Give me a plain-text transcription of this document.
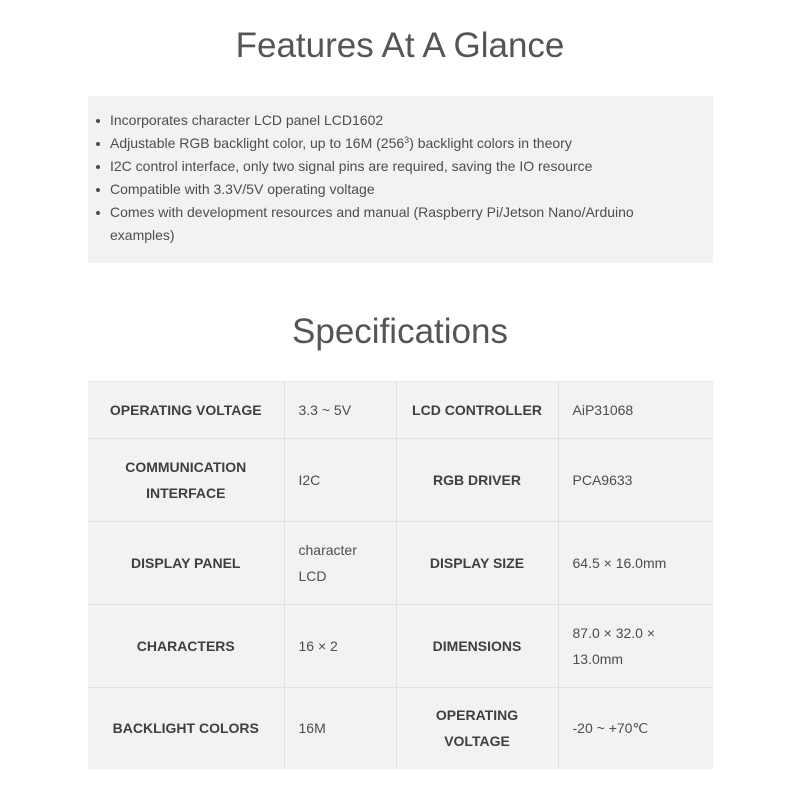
Features At A Glance
Incorporates character LCD panel LCD1602
Adjustable RGB backlight color, up to 16M $(256^3)$ backlight colors in theory
I2C control interface, only two signal pins are required, saving the IO resource
Compatible with 3.3V/5V operating voltage
Comes with development resources and manual (Raspberry Pi/Jetson Nano/Arduino
examples)
Specifications
OPERATING VOLTAGE	3.3 ~ 5V	LCD CONTROLLER	AiP31068
COMMUNICATION INTERFACE	I2C	RGB DRIVER	PCA9633
DISPLAY PANEL	character LCD	DISPLAY SIZE	64.5 × 16.0mm
CHARACTERS	16 × 2	DIMENSIONS	87.0 × 32.0 × 13.0mm
BACKLIGHT COLORS	16M	OPERATING VOLTAGE	-20 ~ +70℃
